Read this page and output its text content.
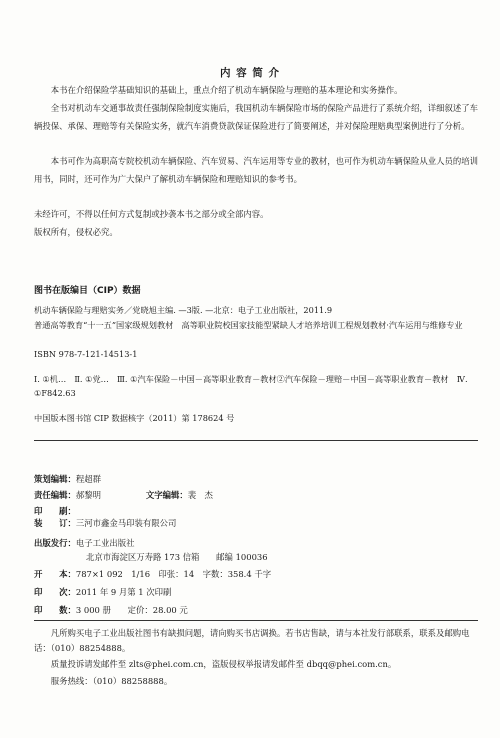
内 容 简 介
本书在介绍保险学基础知识的基础上，重点介绍了机动车辆保险与理赔的基本理论和实务操作。
全书对机动车交通事故责任强制保险制度实施后，我国机动车辆保险市场的保险产品进行了系统介绍，详细叙述了车辆投保、承保、理赔等有关保险实务，就汽车消费贷款保证保险进行了简要阐述，并对保险理赔典型案例进行了分析。
本书可作为高职高专院校机动车辆保险、汽车贸易、汽车运用等专业的教材，也可作为机动车辆保险从业人员的培训用书，同时，还可作为广大保户了解机动车辆保险和理赔知识的参考书。
未经许可，不得以任何方式复制或抄袭本书之部分或全部内容。
版权所有，侵权必究。
图书在版编目（CIP）数据
机动车辆保险与理赔实务／党晓旭主编. —3版. —北京：电子工业出版社，2011.9
普通高等教育“十一五”国家级规划教材　高等职业院校国家技能型紧缺人才培养培训工程规划教材·汽车运用与维修专业
ISBN 978-7-121-14513-1
Ⅰ. ①机…　Ⅱ. ①党…　Ⅲ. ①汽车保险－中国－高等职业教育－教材②汽车保险－理赔－中国－高等职业教育－教材　Ⅳ. ①F842.63
中国版本图书馆 CIP 数据核字（2011）第 178624 号
策划编辑：程超群
责任编辑：郝黎明	文字编辑：裴　杰
印　　刷：
装　　订：三河市鑫金马印装有限公司
出版发行：电子工业出版社
北京市海淀区万寿路 173 信箱　　邮编 100036
开　　本：787×1 092　1/16　印张：14　字数：358.4 千字
印　　次：2011 年 9 月第 1 次印刷
印　　数：3 000 册　　定价：28.00 元
凡所购买电子工业出版社图书有缺损问题，请向购买书店调换。若书店售缺，请与本社发行部联系，联系及邮购电话：（010）88254888。
质量投诉请发邮件至 zlts@phei.com.cn，盗版侵权举报请发邮件至 dbqq@phei.com.cn。
服务热线：（010）88258888。
